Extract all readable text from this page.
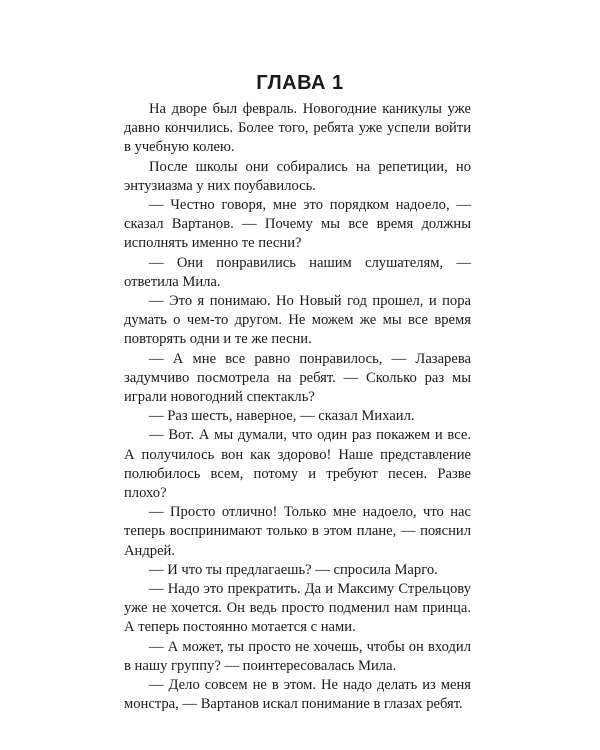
ГЛАВА 1

На дворе был февраль. Новогодние каникулы уже давно кончились. Более того, ребята уже успели войти в учебную колею.

После школы они собирались на репетиции, но энтузиазма у них поубавилось.

— Честно говоря, мне это порядком надоело, — сказал Вартанов. — Почему мы все время должны исполнять именно те песни?

— Они понравились нашим слушателям, — ответила Мила.

— Это я понимаю. Но Новый год прошел, и пора думать о чем-то другом. Не можем же мы все время повторять одни и те же песни.

— А мне все равно понравилось, — Лазарева задумчиво посмотрела на ребят. — Сколько раз мы играли новогодний спектакль?

— Раз шесть, наверное, — сказал Михаил.

— Вот. А мы думали, что один раз покажем и все. А получилось вон как здорово! Наше представление полюбилось всем, потому и требуют песен. Разве плохо?

— Просто отлично! Только мне надоело, что нас теперь воспринимают только в этом плане, — пояснил Андрей.

— И что ты предлагаешь? — спросила Марго.

— Надо это прекратить. Да и Максиму Стрельцову уже не хочется. Он ведь просто подменил нам принца. А теперь постоянно мотается с нами.

— А может, ты просто не хочешь, чтобы он входил в нашу группу? — поинтересовалась Мила.

— Дело совсем не в этом. Не надо делать из меня монстра, — Вартанов искал понимание в глазах ребят.
